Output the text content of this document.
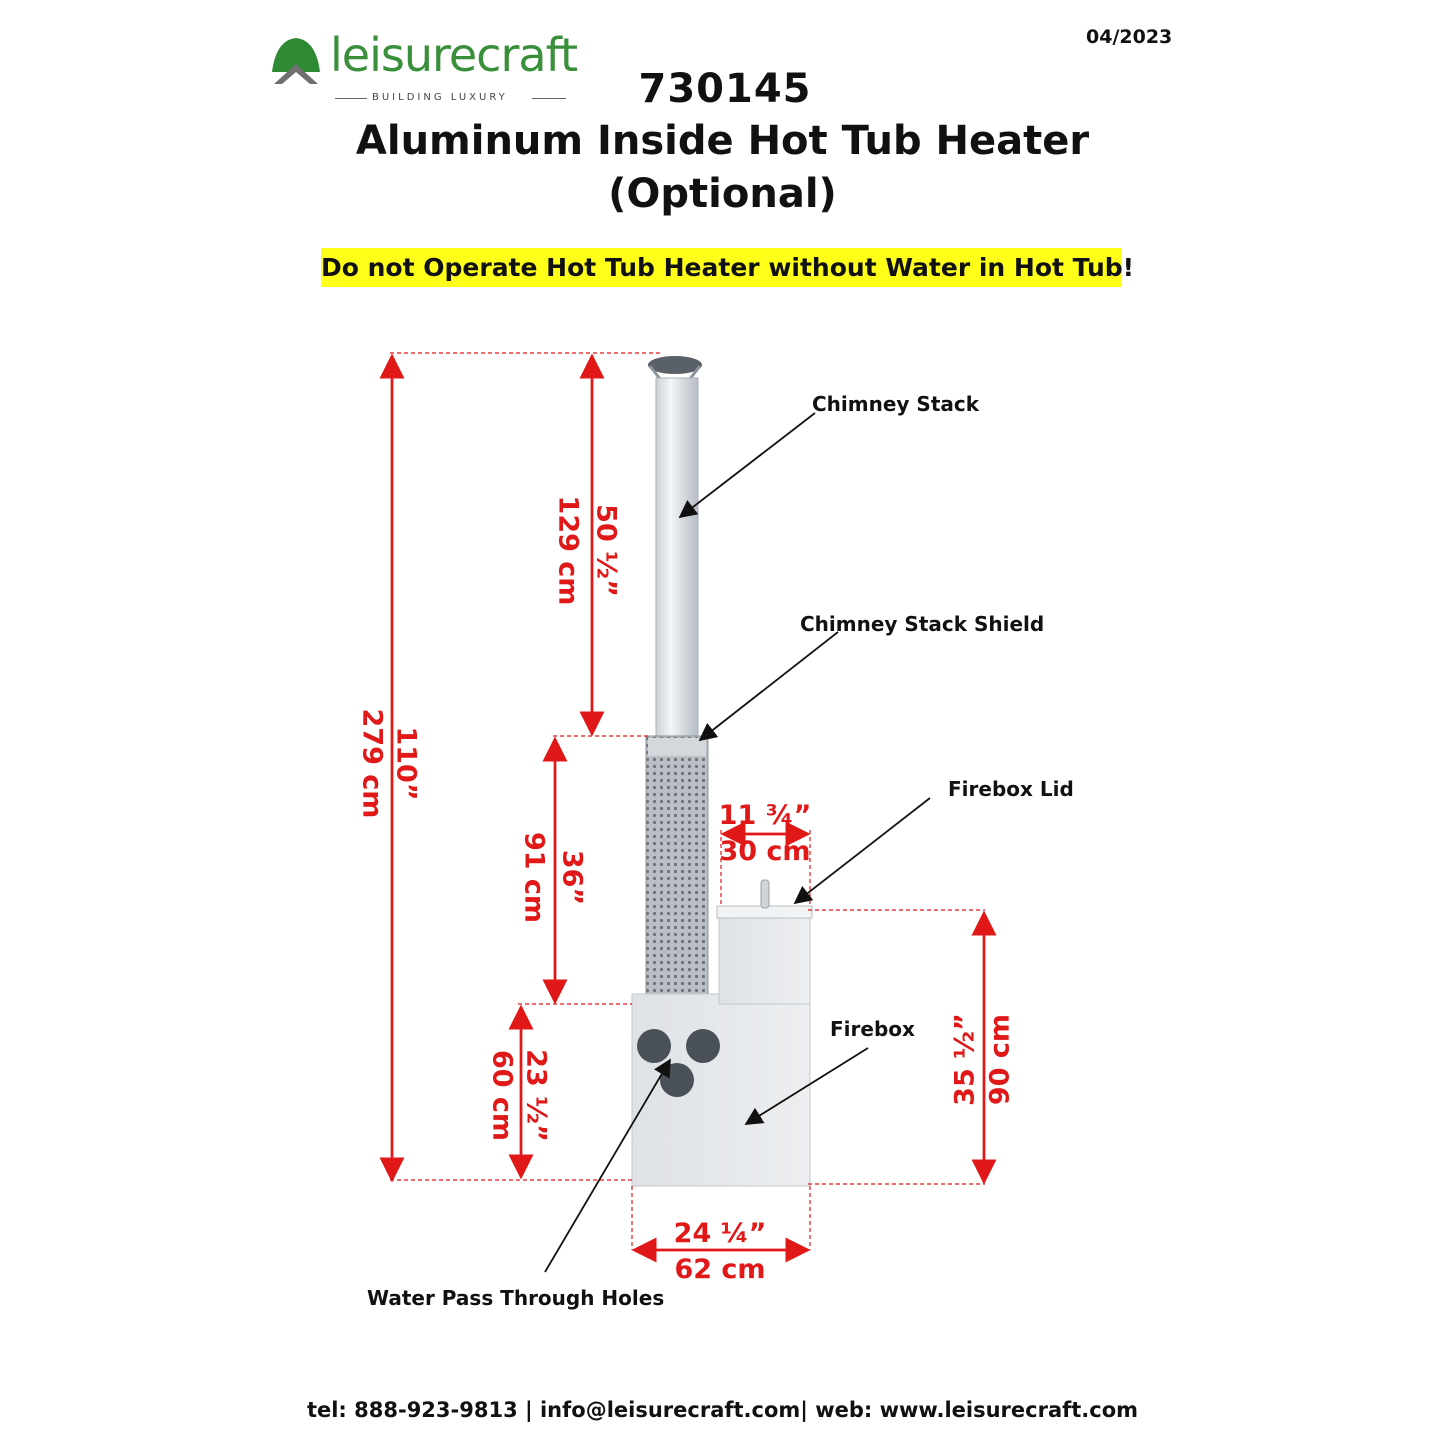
04/2023
leisurecraft
BUILDING LUXURY	730145
Aluminum Inside Hot Tub Heater
(Optional)
Do not Operate Hot Tub Heater without Water in Hot Tub!
Chimney Stack
Chimney Stack Shield
Firebox Lid
Firebox
Water Pass Through Holes
110”
279 cm
50 ½”
129 cm
36”
91 cm
23 ½”
60 cm	35 ½” 90 cm
11 ¾”
30 cm
24 ¼”
62 cm
tel: 888-923-9813 | info@leisurecraft.com| web: www.leisurecraft.com
